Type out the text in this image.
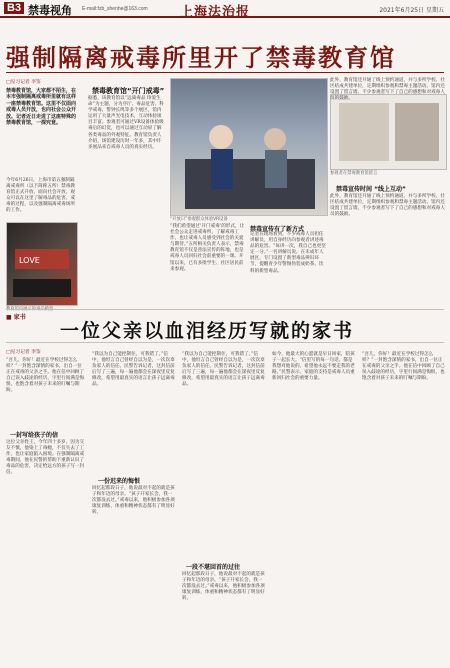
B3 禁毒视角 E-mail:fzb_shenhe@163.com 上海法治报	2021年6月25日 星期五
强制隔离戒毒所里开了禁毒教育馆
□见习记者 李鉴
禁毒教育馆，大家都不陌生，在本市强制隔离戒毒所里就有这样一座禁毒教育馆。这里不仅面向戒毒人员开放，也向社会公众开放。记者近日走进了这座特殊的禁毒教育馆，一探究竟。
今年6月26日，上海市第五强制隔离戒毒所（以下简称五所）禁毒教育馆正式开放，面向社会开放，观众可以在这里了解毒品的危害、戒毒的过程，以及强制隔离戒毒场所的工作。
LOVE
禁毒教育馆“开门戒毒”
据悉，该教育馆以“远离毒品 珍爱生命”为主题，分为序厅、毒品危害、科学戒毒、警钟长鸣等多个展区，馆内运用了大量声光电技术，互动体验项目丰富。参观者可通过VR设备体验吸毒后的幻觉，也可以通过互动屏了解各类毒品的外观特征。教育馆负责人介绍，场馆建设历时一年多，其中许多展品来自戒毒人员的真实经历。
“开放日”参观群众体验VR设备
“我们希望通过‘开门戒毒’的形式，让社会公众走进戒毒所，了解戒毒工作，也让戒毒人员感受到社会的关爱与期待。”五所相关负责人表示，禁毒教育馆不仅是普法宣传的阵地，也是戒毒人员回归社会前重要的一课。开馆以来，已有多批学生、社区居民前来参观。
禁毒宣传有了新方式
记者在现场看到，不少戒毒人员担任讲解员，用自身经历向参观者讲述毒品的危害。“每讲一次，我自己也更坚定一分。”一名讲解员说。在未成年人展区，专门设置了新型毒品辨识环节，提醒青少年警惕伪装成奶茶、饮料的新型毒品。
参观者在禁毒教育馆留言
此外，教育馆还开通了线上预约通道，并与多所学校、社区结成共建单位，定期组织参观和禁毒主题活动。馆内还设置了留言墙，不少参观者写下了自己的感想和对戒毒人员的鼓励。
禁毒宣传时间 “线上互动”
此外，教育馆还开通了线上预约通道，并与多所学校、社区结成共建单位，定期组织参观和禁毒主题活动。馆内还设置了留言墙，不少参观者写下了自己的感想和对戒毒人员的鼓励。
■ 家书
一位父亲以血泪经历写就的家书
□见习记者 李鉴
“吾儿，你好！最近在学校过得怎么样？”一封饱含深情的家书，出自一位正在戒毒的父亲之手。他在信中回顾了自己误入歧途的经历，字里行间满是悔恨，也饱含着对孩子未来的叮嘱与期盼。
一封写给孩子的信
这位父亲姓王，今年四十多岁。因为交友不慎，他染上了毒瘾，不仅失去了工作，也让家庭陷入困境。在强制隔离戒毒期间，他在民警的帮助下重新认识了毒品的危害，决定给远方的孩子写一封信。
“我以为自己能控制住，可我错了。”信中，他坦言自己曾经自以为是，一次次辜负家人的信任。民警告诉记者，这封信前后写了三遍，每一遍他都会在深夜里反复修改，希望用最真实的语言让孩子远离毒品。
一份迟来的悔恨
回忆起那段日子，他说最对不起的就是孩子和年迈的母亲。“孩子开家长会，我一次都没去过。”戒毒以来，他积极参加各项康复训练，体重和精神状态都有了明显好转。
“我以为自己能控制住，可我错了。”信中，他坦言自己曾经自以为是，一次次辜负家人的信任。民警告诉记者，这封信前后写了三遍，每一遍他都会在深夜里反复修改，希望用最真实的语言让孩子远离毒品。
一段不堪回首的过往
回忆起那段日子，他说最对不起的就是孩子和年迈的母亲。“孩子开家长会，我一次都没去过。”戒毒以来，他积极参加各项康复训练，体重和精神状态都有了明显好转。
如今，他最大的心愿就是早日回家，陪孩子一起长大。“信里写的每一句话，都是我想对他说的。希望他永远不要走我的老路。”民警表示，家庭的支持是戒毒人员重新回归社会的重要力量。
“吾儿，你好！最近在学校过得怎么样？”一封饱含深情的家书，出自一位正在戒毒的父亲之手。他在信中回顾了自己误入歧途的经历，字里行间满是悔恨，也饱含着对孩子未来的叮嘱与期盼。
